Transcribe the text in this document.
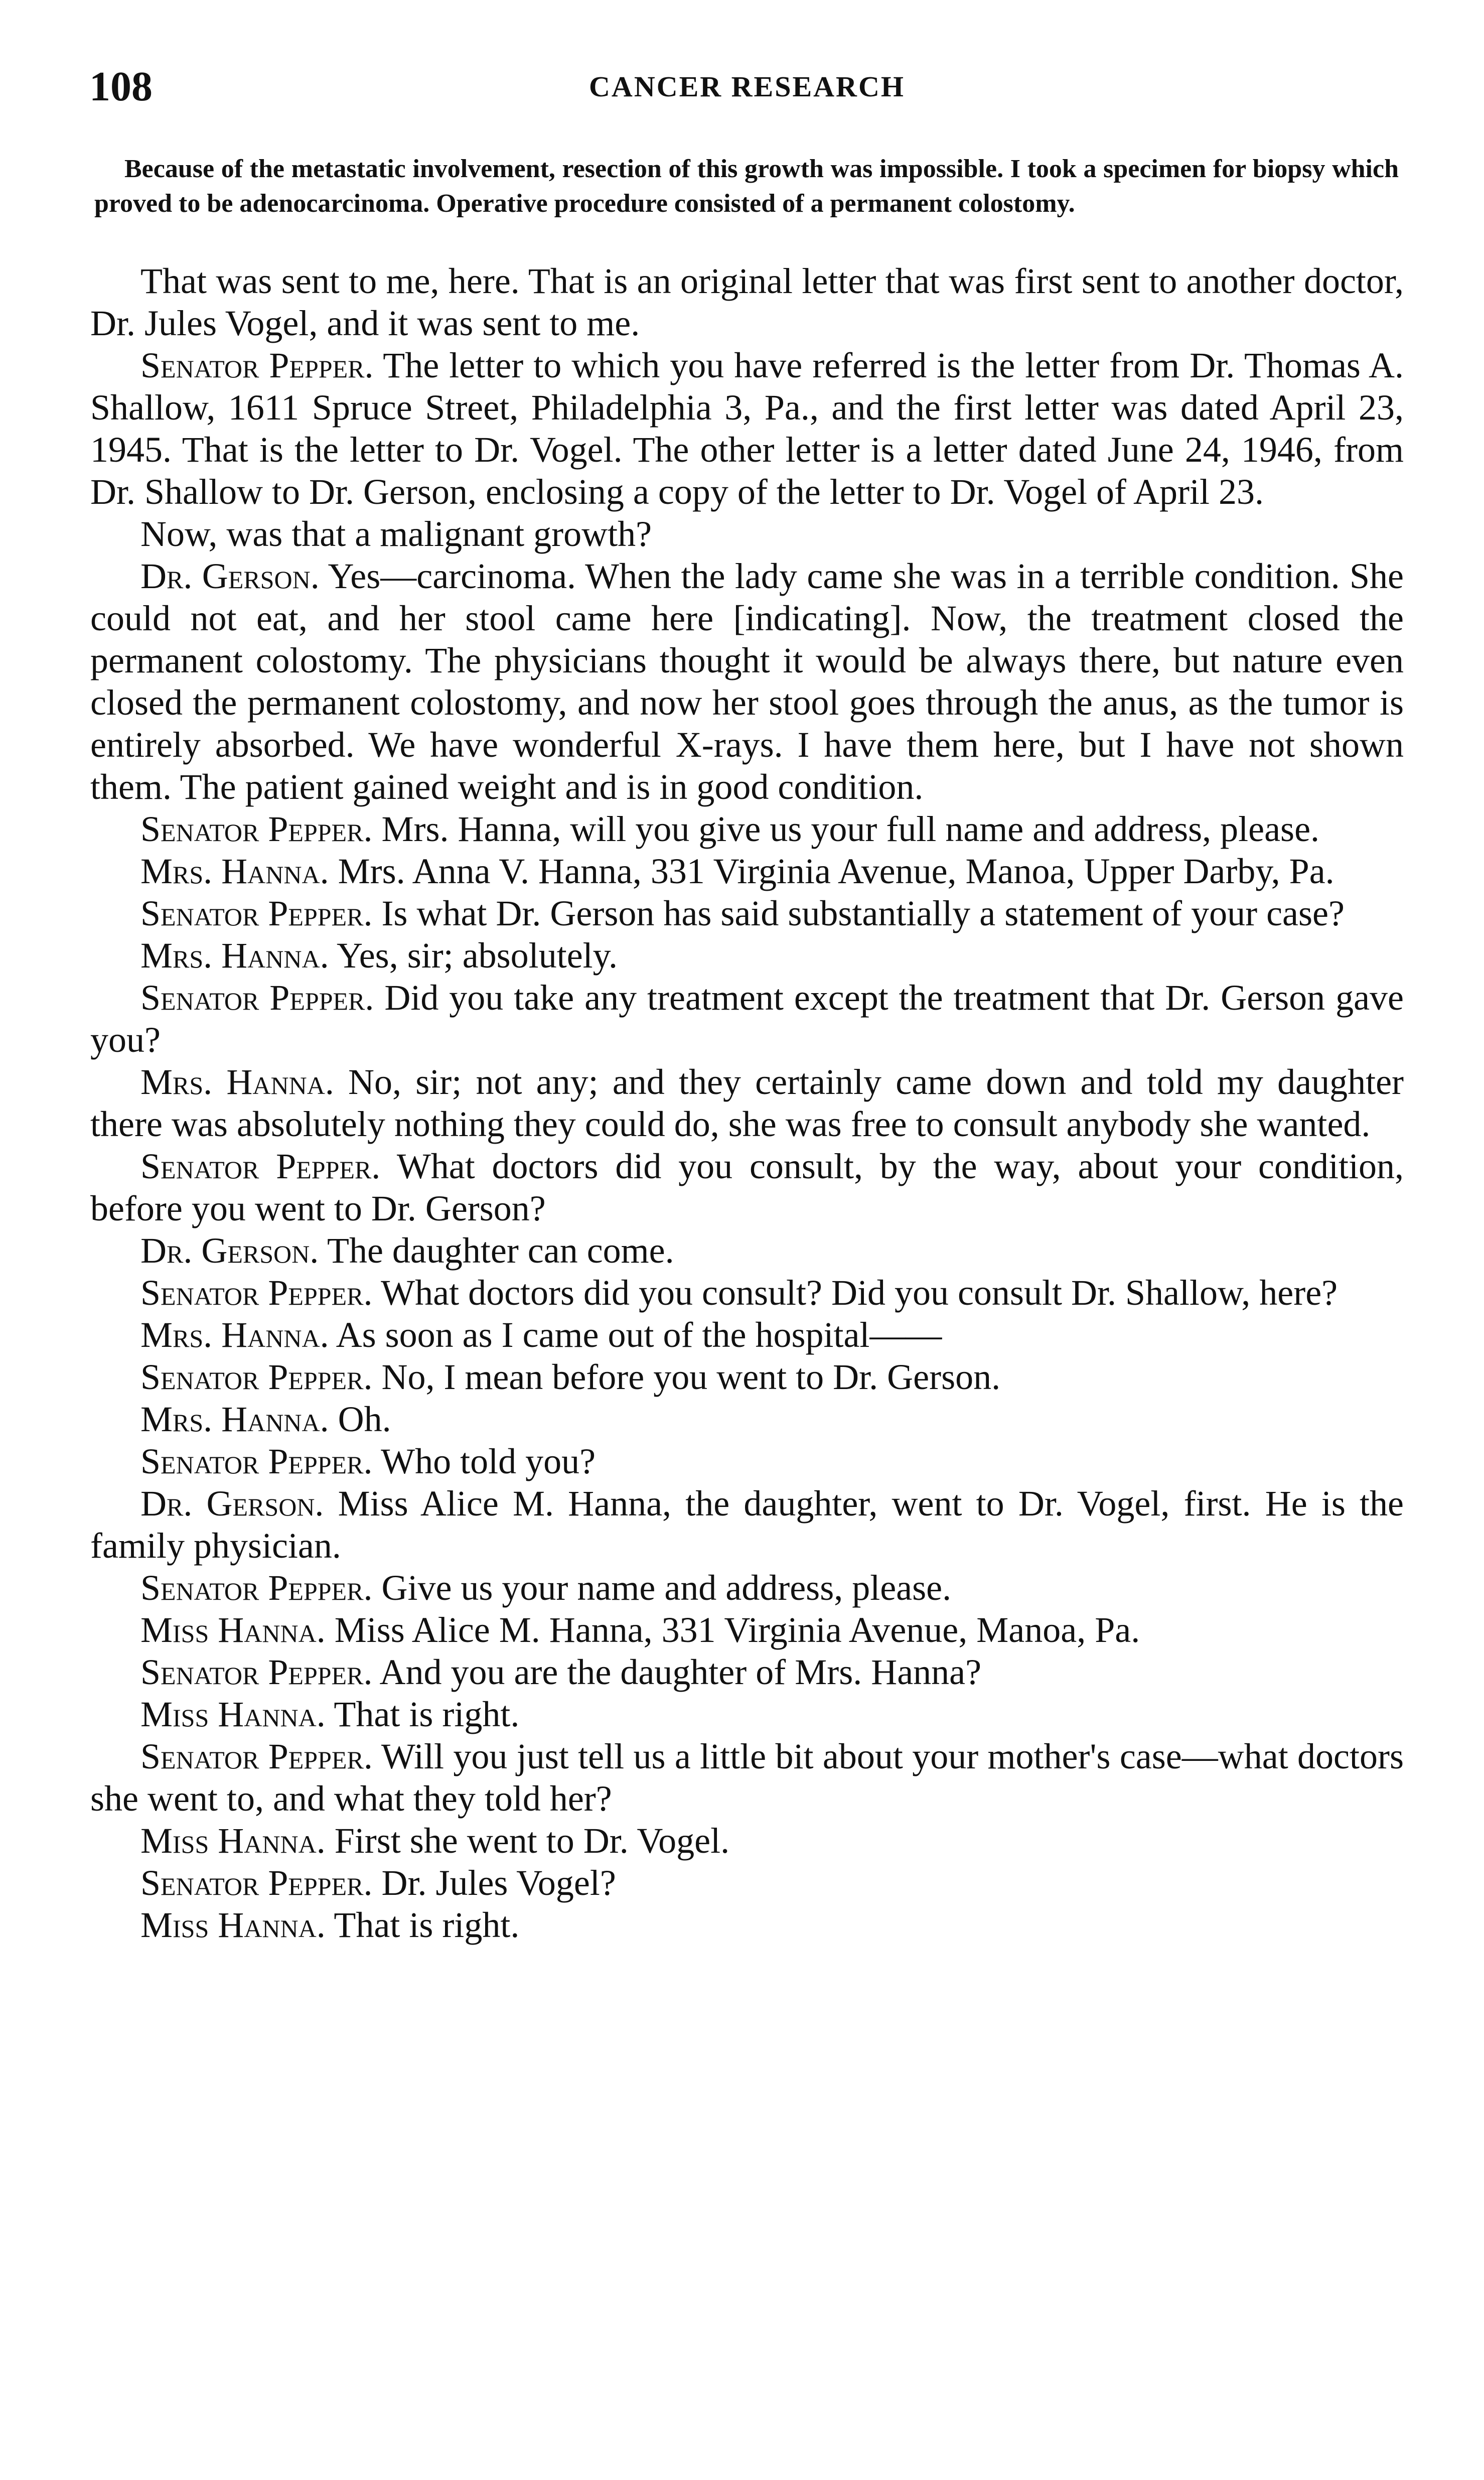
108	CANCER RESEARCH

Because of the metastatic involvement, resection of this growth was impossible. I took a specimen for biopsy which proved to be adenocarcinoma. Operative procedure consisted of a permanent colostomy.

That was sent to me, here. That is an original letter that was first sent to another doctor, Dr. Jules Vogel, and it was sent to me.

Senator Pepper. The letter to which you have referred is the letter from Dr. Thomas A. Shallow, 1611 Spruce Street, Philadelphia 3, Pa., and the first letter was dated April 23, 1945. That is the letter to Dr. Vogel. The other letter is a letter dated June 24, 1946, from Dr. Shallow to Dr. Gerson, enclosing a copy of the letter to Dr. Vogel of April 23.

Now, was that a malignant growth?

Dr. Gerson. Yes—carcinoma. When the lady came she was in a terrible condition. She could not eat, and her stool came here [indicating]. Now, the treatment closed the permanent colostomy. The physicians thought it would be always there, but nature even closed the permanent colostomy, and now her stool goes through the anus, as the tumor is entirely absorbed. We have wonderful X-rays. I have them here, but I have not shown them. The patient gained weight and is in good condition.

Senator Pepper. Mrs. Hanna, will you give us your full name and address, please.

Mrs. Hanna. Mrs. Anna V. Hanna, 331 Virginia Avenue, Manoa, Upper Darby, Pa.

Senator Pepper. Is what Dr. Gerson has said substantially a statement of your case?

Mrs. Hanna. Yes, sir; absolutely.

Senator Pepper. Did you take any treatment except the treatment that Dr. Gerson gave you?

Mrs. Hanna. No, sir; not any; and they certainly came down and told my daughter there was absolutely nothing they could do, she was free to consult anybody she wanted.

Senator Pepper. What doctors did you consult, by the way, about your condition, before you went to Dr. Gerson?

Dr. Gerson. The daughter can come.

Senator Pepper. What doctors did you consult? Did you consult Dr. Shallow, here?

Mrs. Hanna. As soon as I came out of the hospital——

Senator Pepper. No, I mean before you went to Dr. Gerson.

Mrs. Hanna. Oh.

Senator Pepper. Who told you?

Dr. Gerson. Miss Alice M. Hanna, the daughter, went to Dr. Vogel, first. He is the family physician.

Senator Pepper. Give us your name and address, please.

Miss Hanna. Miss Alice M. Hanna, 331 Virginia Avenue, Manoa, Pa.

Senator Pepper. And you are the daughter of Mrs. Hanna?

Miss Hanna. That is right.

Senator Pepper. Will you just tell us a little bit about your mother's case—what doctors she went to, and what they told her?

Miss Hanna. First she went to Dr. Vogel.

Senator Pepper. Dr. Jules Vogel?

Miss Hanna. That is right.
